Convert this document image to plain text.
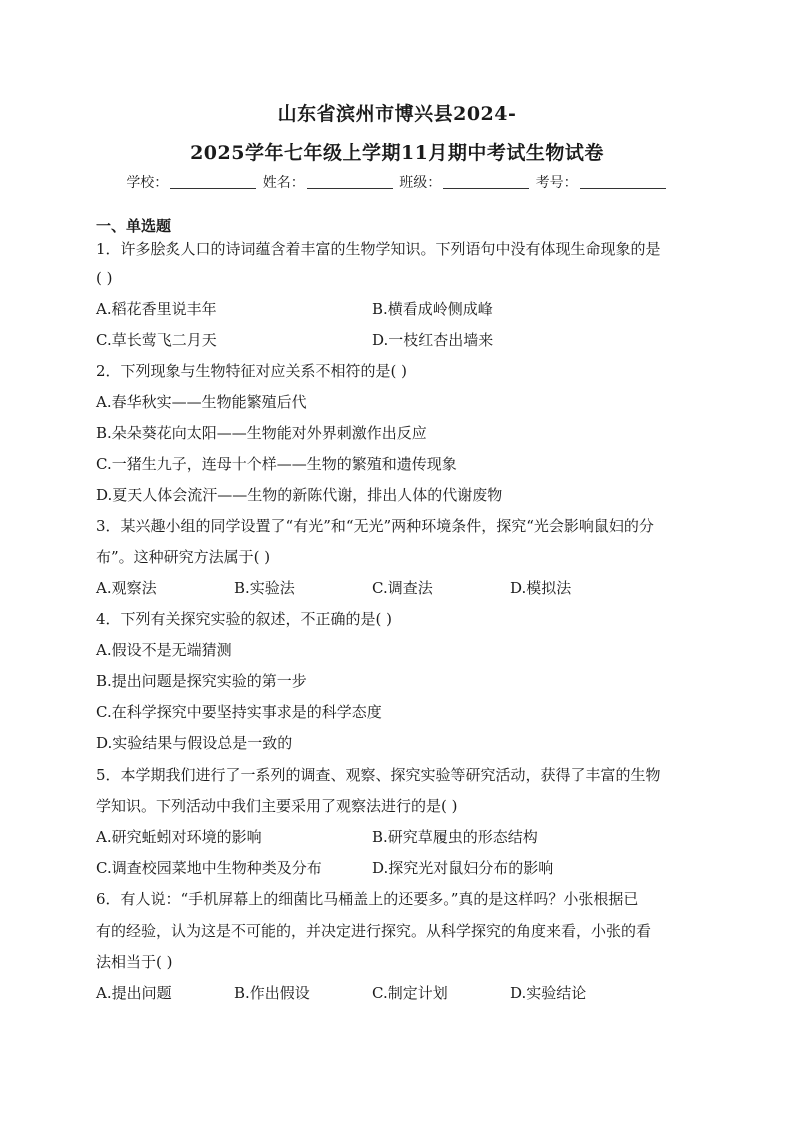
山东省滨州市博兴县2024-
2025学年七年级上学期11月期中考试生物试卷
学校：	姓名：	班级：	考号：
一、单选题
1．许多脍炙人口的诗词蕴含着丰富的生物学知识。下列语句中没有体现生命现象的是
( )
A.稻花香里说丰年	B.横看成岭侧成峰
C.草长莺飞二月天	D.一枝红杏出墙来
2．下列现象与生物特征对应关系不相符的是( )
A.春华秋实——生物能繁殖后代
B.朵朵葵花向太阳——生物能对外界刺激作出反应
C.一猪生九子，连母十个样——生物的繁殖和遗传现象
D.夏天人体会流汗——生物的新陈代谢，排出人体的代谢废物
3．某兴趣小组的同学设置了“有光”和“无光”两种环境条件，探究“光会影响鼠妇的分
布”。这种研究方法属于( )
A.观察法	B.实验法	C.调查法	D.模拟法
4．下列有关探究实验的叙述，不正确的是( )
A.假设不是无端猜测
B.提出问题是探究实验的第一步
C.在科学探究中要坚持实事求是的科学态度
D.实验结果与假设总是一致的
5．本学期我们进行了一系列的调查、观察、探究实验等研究活动，获得了丰富的生物
学知识。下列活动中我们主要采用了观察法进行的是( )
A.研究蚯蚓对环境的影响	B.研究草履虫的形态结构
C.调查校园菜地中生物种类及分布	D.探究光对鼠妇分布的影响
6．有人说：“手机屏幕上的细菌比马桶盖上的还要多。”真的是这样吗？小张根据已
有的经验，认为这是不可能的，并决定进行探究。从科学探究的角度来看，小张的看
法相当于( )
A.提出问题	B.作出假设	C.制定计划	D.实验结论
